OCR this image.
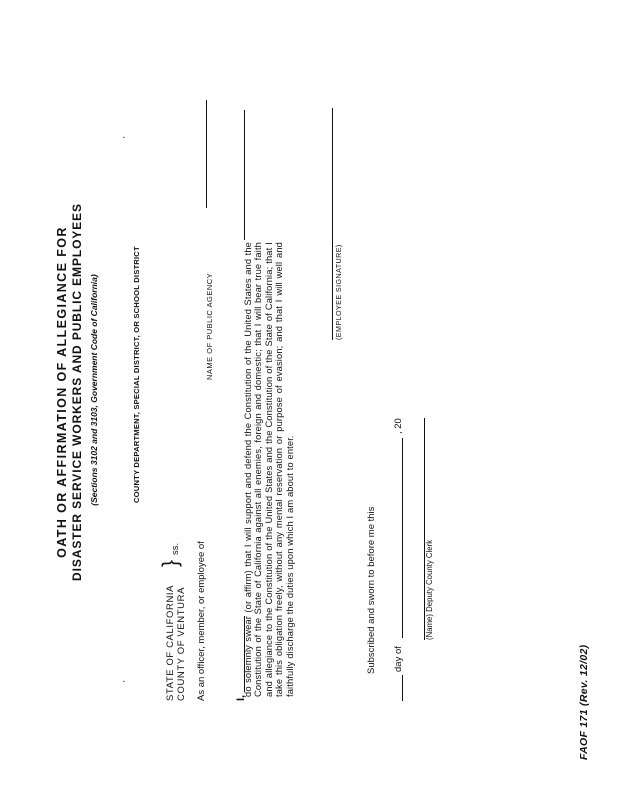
OATH OR AFFIRMATION OF ALLEGIANCE FOR DISASTER SERVICE WORKERS AND PUBLIC EMPLOYEES (Sections 3102 and 3103, Government Code of California)
'
'
COUNTY DEPARTMENT, SPECIAL DISTRICT, OR SCHOOL DISTRICT
STATE OF CALIFORNIA COUNTY OF VENTURA
}
ss. As an officer, member, or employee of
NAME OF PUBLIC AGENCY
I,
do solemnly swear (or affirm) that I will support and defend the Constitution of the United States and the Constitution of the State of California against all enemies, foreign and domestic; that I will bear true faith and allegiance to the Constitution of the United States and the Constitution of the State of California; that I take this obligation freely, without any mental reservation or purpose of evasion; and that I will well and faithfully discharge the duties upon which I am about to enter.
(EMPLOYEE SIGNATURE)
Subscribed and sworn to before me this day of
, 20
(Name) Deputy County Clerk
FAOF 171 (Rev. 12/02)
